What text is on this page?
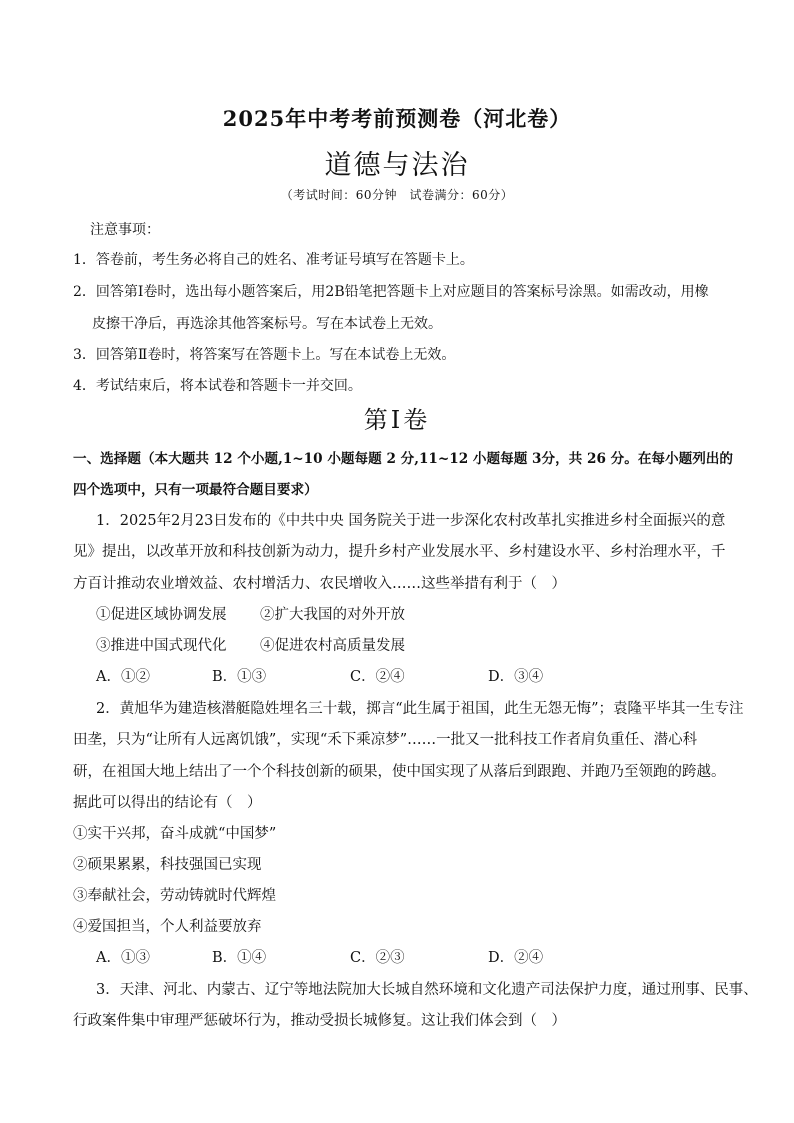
2025年中考考前预测卷（河北卷）
道德与法治
（考试时间：60分钟　试卷满分：60分）
注意事项：
1．答卷前，考生务必将自己的姓名、准考证号填写在答题卡上。
2．回答第Ⅰ卷时，选出每小题答案后，用2B铅笔把答题卡上对应题目的答案标号涂黑。如需改动，用橡
皮擦干净后，再选涂其他答案标号。写在本试卷上无效。
3．回答第Ⅱ卷时，将答案写在答题卡上。写在本试卷上无效。
4．考试结束后，将本试卷和答题卡一并交回。
第Ⅰ卷
一、选择题（本大题共 12 个小题,1~10 小题每题 2 分,11~12 小题每题 3分，共 26 分。在每小题列出的
四个选项中，只有一项最符合题目要求）
1．2025年2月23日发布的《中共中央 国务院关于进一步深化农村改革扎实推进乡村全面振兴的意
见》提出，以改革开放和科技创新为动力，提升乡村产业发展水平、乡村建设水平、乡村治理水平，千
方百计推动农业增效益、农村增活力、农民增收入……这些举措有利于（　）
①促进区域协调发展 ②扩大我国的对外开放
③推进中国式现代化 ④促进农村高质量发展
A．①②	B．①③	C．②④	D．③④
2．黄旭华为建造核潜艇隐姓埋名三十载，掷言“此生属于祖国，此生无怨无悔”；袁隆平毕其一生专注
田垄，只为“让所有人远离饥饿”，实现“禾下乘凉梦”……一批又一批科技工作者肩负重任、潜心科
研，在祖国大地上结出了一个个科技创新的硕果，使中国实现了从落后到跟跑、并跑乃至领跑的跨越。
据此可以得出的结论有（　）
①实干兴邦，奋斗成就“中国梦”
②硕果累累，科技强国已实现
③奉献社会，劳动铸就时代辉煌
④爱国担当，个人利益要放弃
A．①③	B．①④	C．②③	D．②④
3．天津、河北、内蒙古、辽宁等地法院加大长城自然环境和文化遗产司法保护力度，通过刑事、民事、
行政案件集中审理严惩破坏行为，推动受损长城修复。这让我们体会到（　）
